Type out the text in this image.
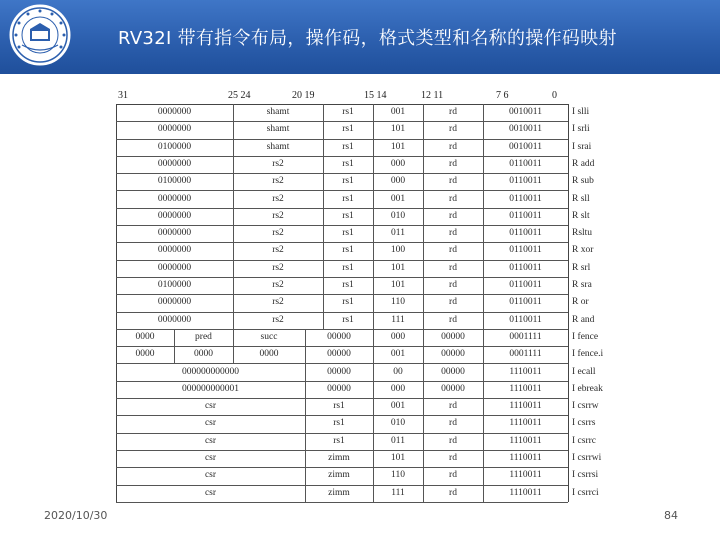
RV32I 带有指令布局，操作码，格式类型和名称的操作码映射
31	25 24	20 19	15 14	12 11	7 6	0
0000000	shamt	rs1	001	rd	0010011	I slli
0000000	shamt	rs1	101	rd	0010011	I srli
0100000	shamt	rs1	101	rd	0010011	I srai
0000000	rs2	rs1	000	rd	0110011	R add
0100000	rs2	rs1	000	rd	0110011	R sub
0000000	rs2	rs1	001	rd	0110011	R sll
0000000	rs2	rs1	010	rd	0110011	R slt
0000000	rs2	rs1	011	rd	0110011	Rsltu
0000000	rs2	rs1	100	rd	0110011	R xor
0000000	rs2	rs1	101	rd	0110011	R srl
0100000	rs2	rs1	101	rd	0110011	R sra
0000000	rs2	rs1	110	rd	0110011	R or
0000000	rs2	rs1	111	rd	0110011	R and
0000	pred	succ	00000	000	00000	0001111	I fence
0000	0000	0000	00000	001	00000	0001111	I fence.i
000000000000	00000	00	00000	1110011	I ecall
000000000001	00000	000	00000	1110011	I ebreak
csr	rs1	001	rd	1110011	I csrrw
csr	rs1	010	rd	1110011	I csrrs
csr	rs1	011	rd	1110011	I csrrc
csr	zimm	101	rd	1110011	I csrrwi
csr	zimm	110	rd	1110011	I csrrsi
csr	zimm	111	rd	1110011	I csrrci
2020/10/30	84
